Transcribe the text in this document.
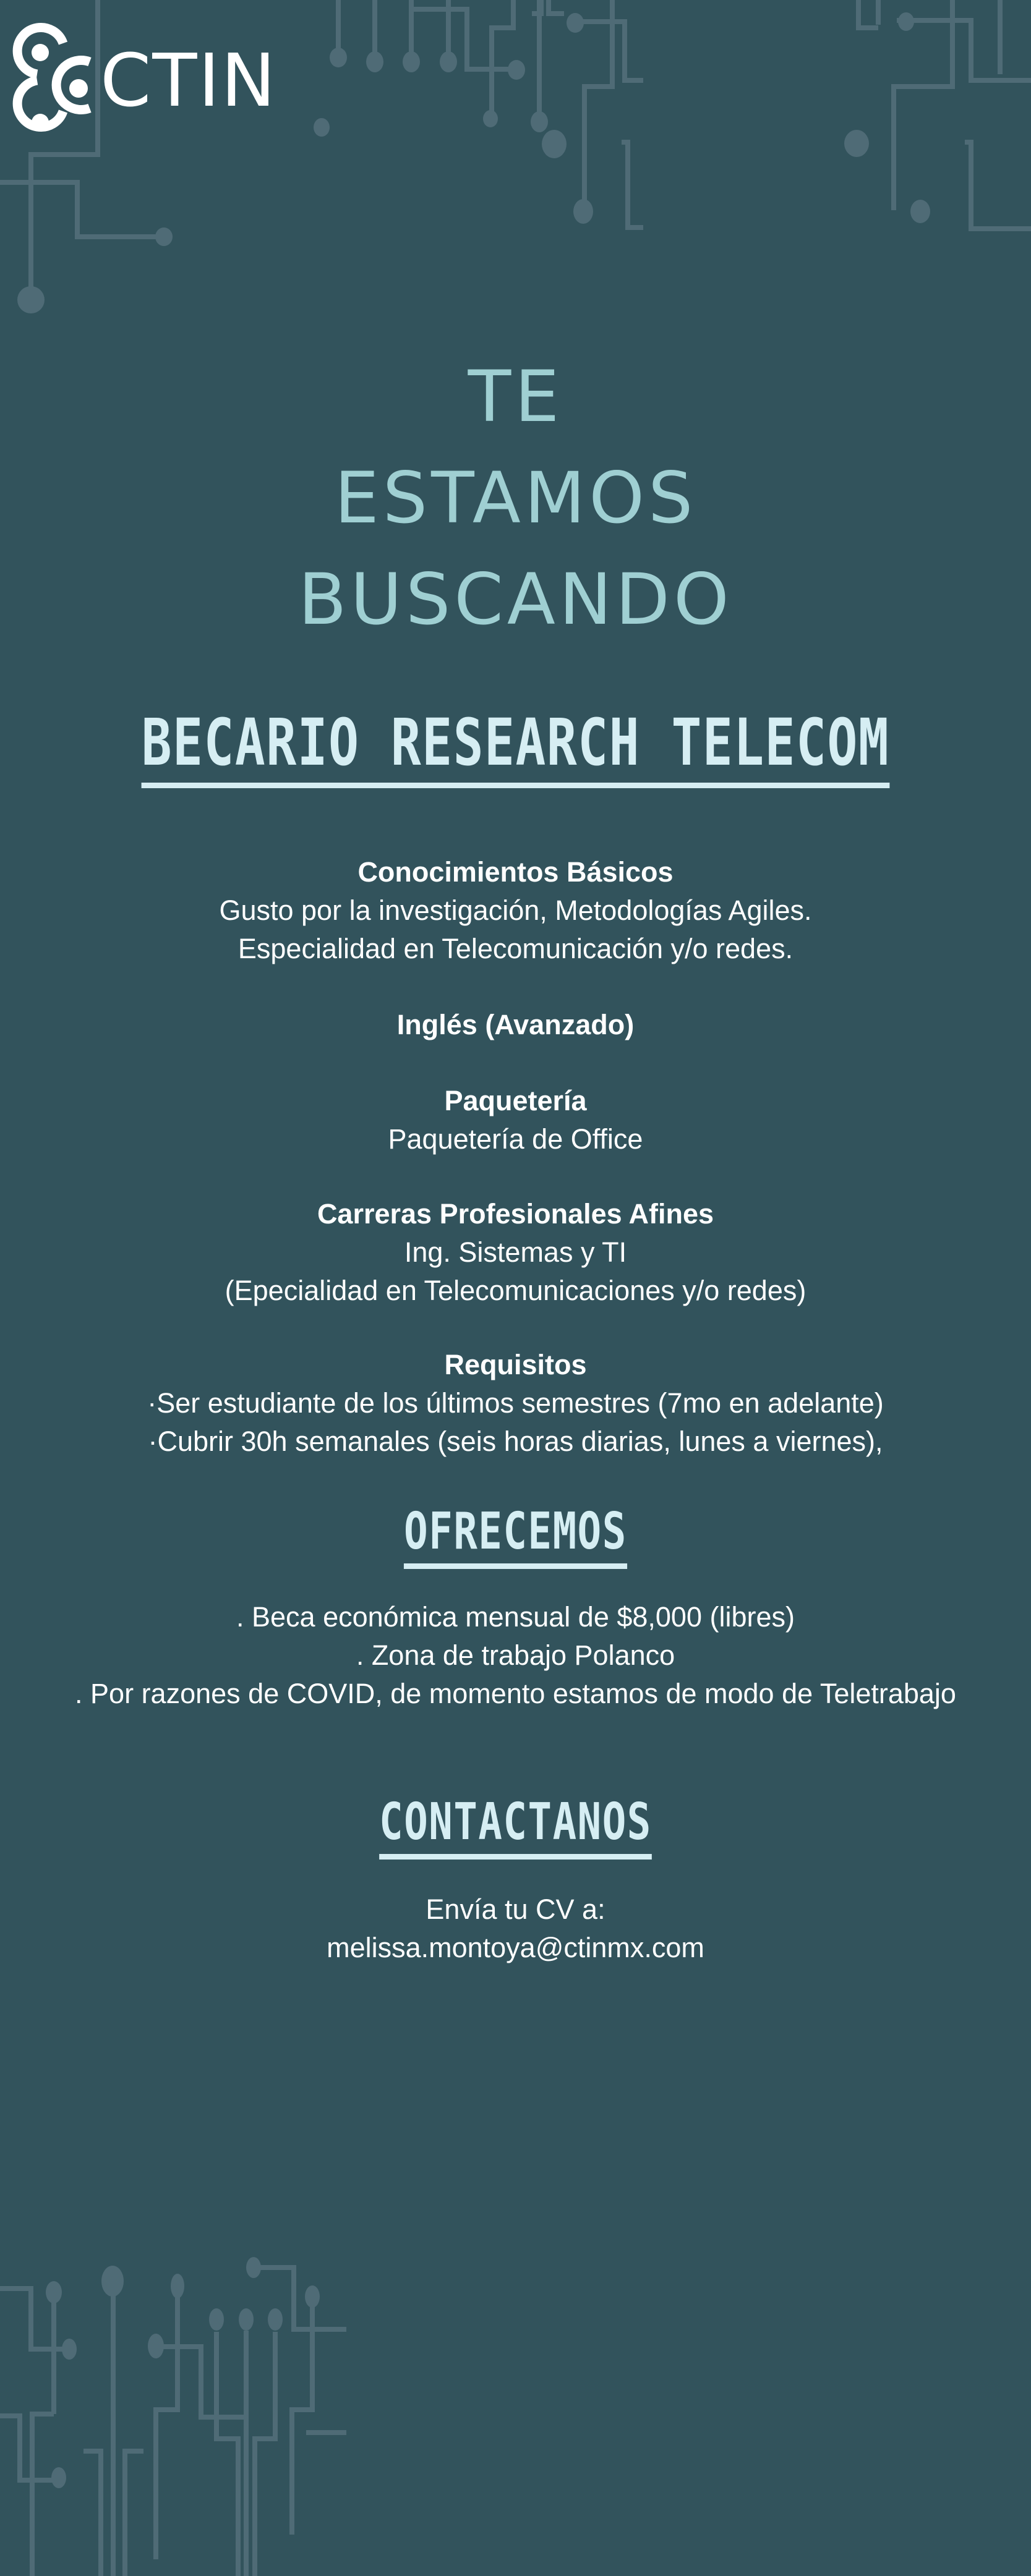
CTIN
TE
ESTAMOS
BUSCANDO
BECARIO RESEARCH TELECOM
Conocimientos Básicos
Gusto por la investigación, Metodologías Agiles.
Especialidad en Telecomunicación y/o redes.
Inglés (Avanzado)
Paquetería
Paquetería de Office
Carreras Profesionales Afines
Ing. Sistemas y TI
(Epecialidad en Telecomunicaciones y/o redes)
Requisitos
·Ser estudiante de los últimos semestres (7mo en adelante)
·Cubrir 30h semanales (seis horas diarias, lunes a viernes),
OFRECEMOS
. Beca económica mensual de $8,000 (libres)
. Zona de trabajo Polanco
. Por razones de COVID, de momento estamos de modo de Teletrabajo
CONTACTANOS
Envía tu CV a:
melissa.montoya@ctinmx.com
